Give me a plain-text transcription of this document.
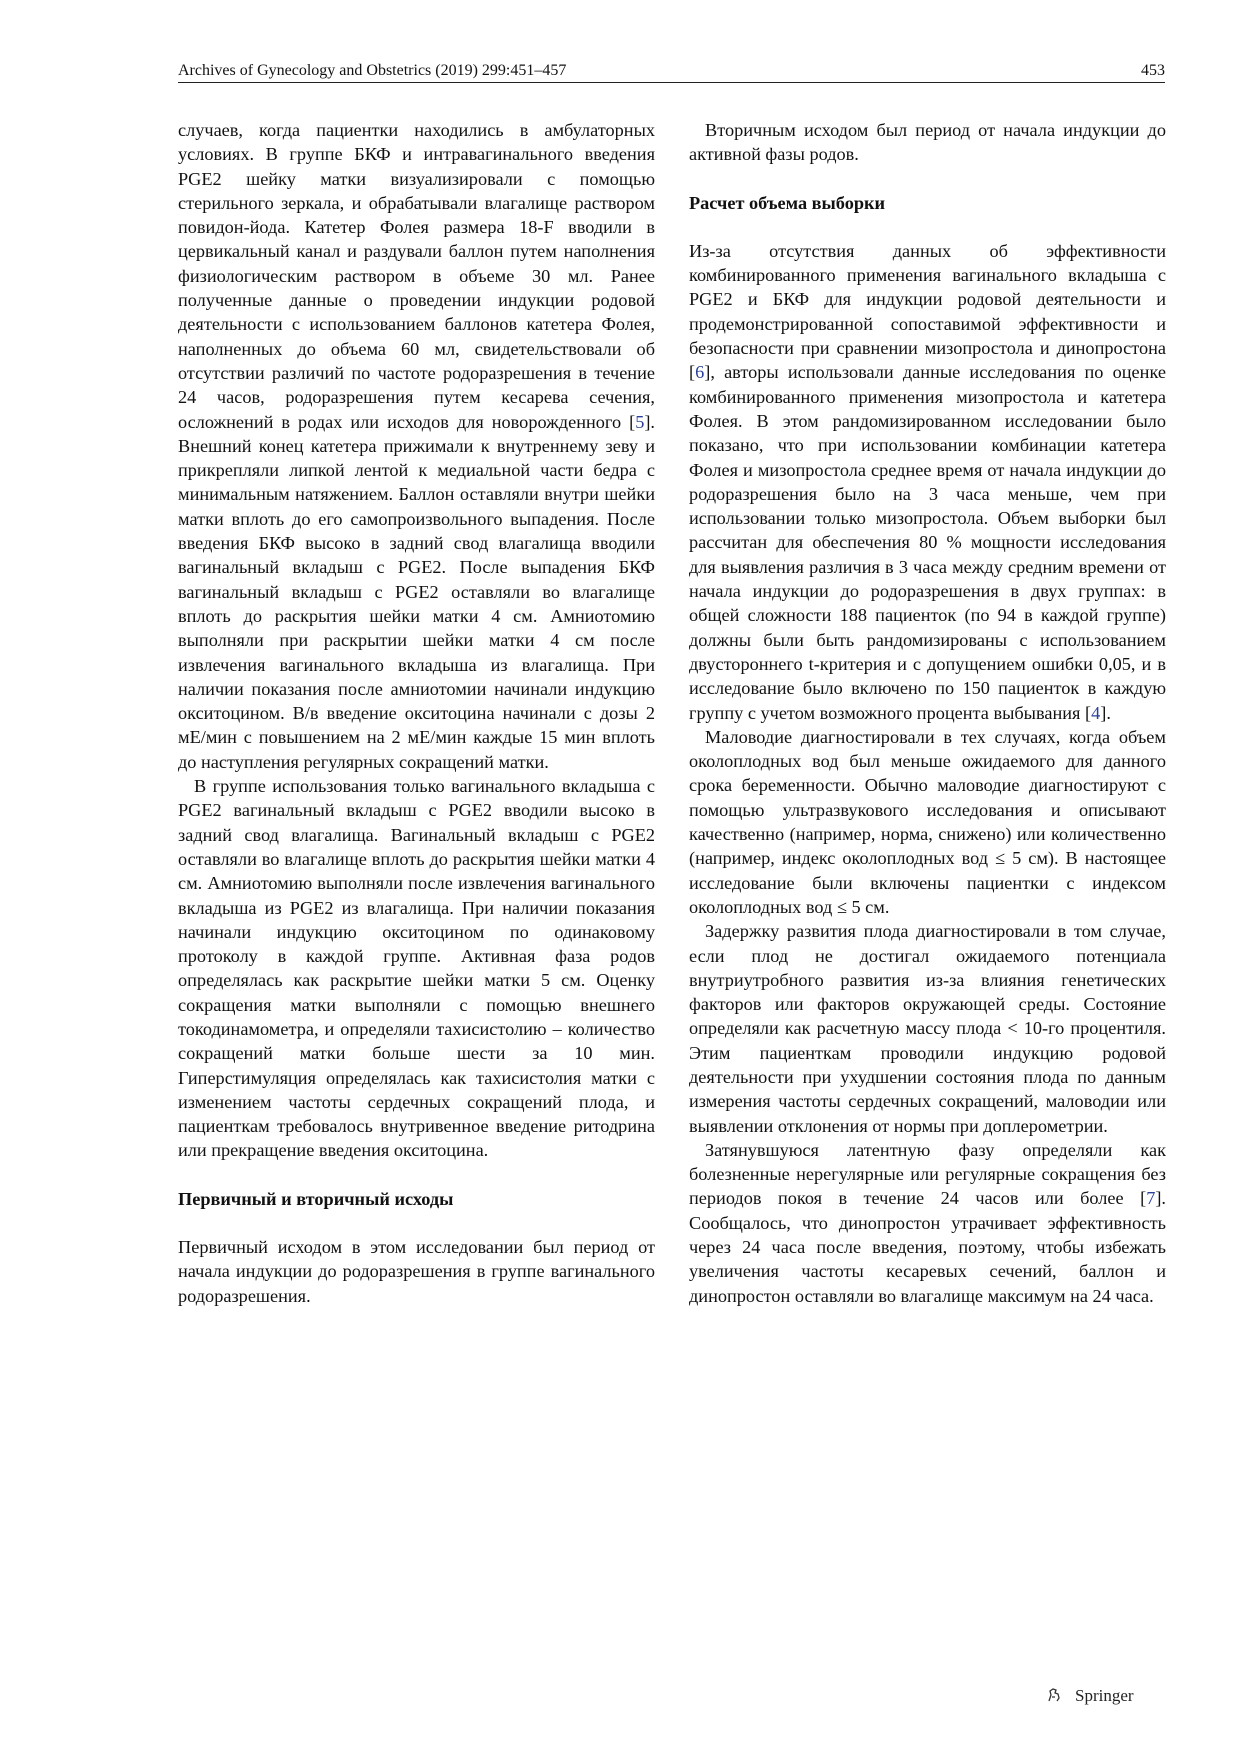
Archives of Gynecology and Obstetrics (2019) 299:451–457	453

случаев, когда пациентки находились в амбулаторных условиях. В группе БКФ и интравагинального введения PGE2 шейку матки визуализировали с помощью стерильного зеркала, и обрабатывали влагалище раствором повидон-йода. Катетер Фолея размера 18-F вводили в цервикальный канал и раздували баллон путем наполнения физиологическим раствором в объеме 30 мл. Ранее полученные данные о проведении индукции родовой деятельности с использованием баллонов катетера Фолея, наполненных до объема 60 мл, свидетельствовали об отсутствии различий по частоте родоразрешения в течение 24 часов, родоразрешения путем кесарева сечения, осложнений в родах или исходов для новорожденного [5]. Внешний конец катетера прижимали к внутреннему зеву и прикрепляли липкой лентой к медиальной части бедра с минимальным натяжением. Баллон оставляли внутри шейки матки вплоть до его самопроизвольного выпадения. После введения БКФ высоко в задний свод влагалища вводили вагинальный вкладыш с PGE2. После выпадения БКФ вагинальный вкладыш с PGE2 оставляли во влагалище вплоть до раскрытия шейки матки 4 см. Амниотомию выполняли при раскрытии шейки матки 4 см после извлечения вагинального вкладыша из влагалища. При наличии показания после амниотомии начинали индукцию окситоцином. В/в введение окситоцина начинали с дозы 2 мЕ/мин с повышением на 2 мЕ/мин каждые 15 мин вплоть до наступления регулярных сокращений матки.

В группе использования только вагинального вкладыша с PGE2 вагинальный вкладыш с PGE2 вводили высоко в задний свод влагалища. Вагинальный вкладыш с PGE2 оставляли во влагалище вплоть до раскрытия шейки матки 4 см. Амниотомию выполняли после извлечения вагинального вкладыша из PGE2 из влагалища. При наличии показания начинали индукцию окситоцином по одинаковому протоколу в каждой группе. Активная фаза родов определялась как раскрытие шейки матки 5 см. Оценку сокращения матки выполняли с помощью внешнего токодинамометра, и определяли тахисистолию – количество сокращений матки больше шести за 10 мин. Гиперстимуляция определялась как тахисистолия матки с изменением частоты сердечных сокращений плода, и пациенткам требовалось внутривенное введение ритодрина или прекращение введения окситоцина.

Первичный и вторичный исходы

Первичный исходом в этом исследовании был период от начала индукции до родоразрешения в группе вагинального родоразрешения.

Вторичным исходом был период от начала индукции до активной фазы родов.

Расчет объема выборки

Из-за отсутствия данных об эффективности комбинированного применения вагинального вкладыша с PGE2 и БКФ для индукции родовой деятельности и продемонстрированной сопоставимой эффективности и безопасности при сравнении мизопростола и динопростона [6], авторы использовали данные исследования по оценке комбинированного применения мизопростола и катетера Фолея. В этом рандомизированном исследовании было показано, что при использовании комбинации катетера Фолея и мизопростола среднее время от начала индукции до родоразрешения было на 3 часа меньше, чем при использовании только мизопростола. Объем выборки был рассчитан для обеспечения 80 % мощности исследования для выявления различия в 3 часа между средним времени от начала индукции до родоразрешения в двух группах: в общей сложности 188 пациенток (по 94 в каждой группе) должны были быть рандомизированы с использованием двустороннего t-критерия и с допущением ошибки 0,05, и в исследование было включено по 150 пациенток в каждую группу с учетом возможного процента выбывания [4].

Маловодие диагностировали в тех случаях, когда объем околоплодных вод был меньше ожидаемого для данного срока беременности. Обычно маловодие диагностируют с помощью ультразвукового исследования и описывают качественно (например, норма, снижено) или количественно (например, индекс околоплодных вод ≤ 5 см). В настоящее исследование были включены пациентки с индексом околоплодных вод ≤ 5 см.

Задержку развития плода диагностировали в том случае, если плод не достигал ожидаемого потенциала внутриутробного развития из-за влияния генетических факторов или факторов окружающей среды. Состояние определяли как расчетную массу плода < 10-го процентиля. Этим пациенткам проводили индукцию родовой деятельности при ухудшении состояния плода по данным измерения частоты сердечных сокращений, маловодии или выявлении отклонения от нормы при доплерометрии.

Затянувшуюся латентную фазу определяли как болезненные нерегулярные или регулярные сокращения без периодов покоя в течение 24 часов или более [7]. Сообщалось, что динопростон утрачивает эффективность через 24 часа после введения, поэтому, чтобы избежать увеличения частоты кесаревых сечений, баллон и динопростон оставляли во влагалище максимум на 24 часа.

Springer
